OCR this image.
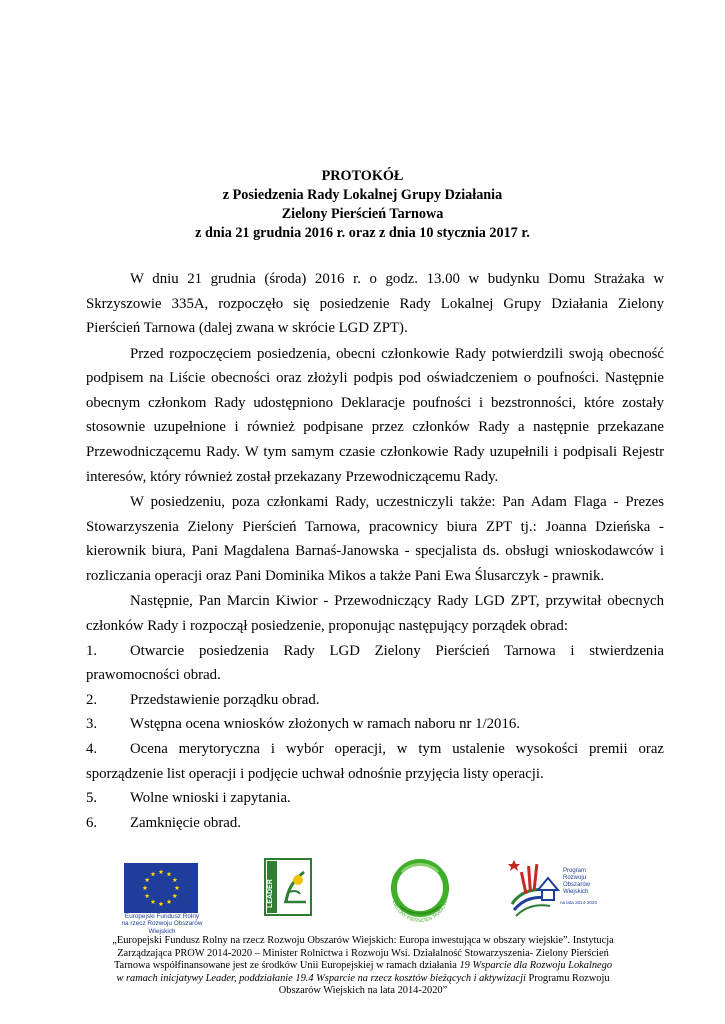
PROTOKÓŁ
z Posiedzenia Rady Lokalnej Grupy Działania
Zielony Pierścień Tarnowa
z dnia 21 grudnia 2016 r. oraz z dnia 10 stycznia 2017 r.

W dniu 21 grudnia (środa) 2016 r. o godz. 13.00 w budynku Domu Strażaka w Skrzyszowie 335A, rozpoczęło się posiedzenie Rady Lokalnej Grupy Działania Zielony Pierścień Tarnowa (dalej zwana w skrócie LGD ZPT).

Przed rozpoczęciem posiedzenia, obecni członkowie Rady potwierdzili swoją obecność podpisem na Liście obecności oraz złożyli podpis pod oświadczeniem o poufności. Następnie obecnym członkom Rady udostępniono Deklaracje poufności i bezstronności, które zostały stosownie uzupełnione i również podpisane przez członków Rady a następnie przekazane Przewodniczącemu Rady. W tym samym czasie członkowie Rady uzupełnili i podpisali Rejestr interesów, który również został przekazany Przewodniczącemu Rady.

W posiedzeniu, poza członkami Rady, uczestniczyli także: Pan Adam Flaga - Prezes Stowarzyszenia Zielony Pierścień Tarnowa, pracownicy biura ZPT tj.: Joanna Dzieńska - kierownik biura, Pani Magdalena Barnaś-Janowska - specjalista ds. obsługi wnioskodawców i rozliczania operacji oraz Pani Dominika Mikos a także Pani Ewa Ślusarczyk - prawnik.

Następnie, Pan Marcin Kiwior - Przewodniczący Rady LGD ZPT, przywitał obecnych członków Rady i rozpoczął posiedzenie, proponując następujący porządek obrad:

1. Otwarcie posiedzenia Rady LGD Zielony Pierścień Tarnowa i stwierdzenia prawomocności obrad.
2. Przedstawienie porządku obrad.
3. Wstępna ocena wniosków złożonych w ramach naboru nr 1/2016.
4. Ocena merytoryczna i wybór operacji, w tym ustalenie wysokości premii oraz sporządzenie list operacji i podjęcie uchwał odnośnie przyjęcia listy operacji.
5. Wolne wnioski i zapytania.
6. Zamknięcie obrad.
Europejski Fundusz Rolny
na rzecz Rozwoju Obszarów Wiejskich
LEADER	ZIELONY PIERŚCIEŃ TARNOWA
Program
Rozwoju
Obszarów
Wiejskich
na lata 2014-2020
„Europejski Fundusz Rolny na rzecz Rozwoju Obszarów Wiejskich: Europa inwestująca w obszary wiejskie”. Instytucja
Zarządzająca PROW 2014-2020 – Minister Rolnictwa i Rozwoju Wsi. Działalność Stowarzyszenia- Zielony Pierścień
Tarnowa współfinansowane jest ze środków Unii Europejskiej w ramach działania 19 Wsparcie dla Rozwoju Lokalnego
w ramach inicjatywy Leader, poddziałanie 19.4 Wsparcie na rzecz kosztów bieżących i aktywizacji Programu Rozwoju
Obszarów Wiejskich na lata 2014-2020”
